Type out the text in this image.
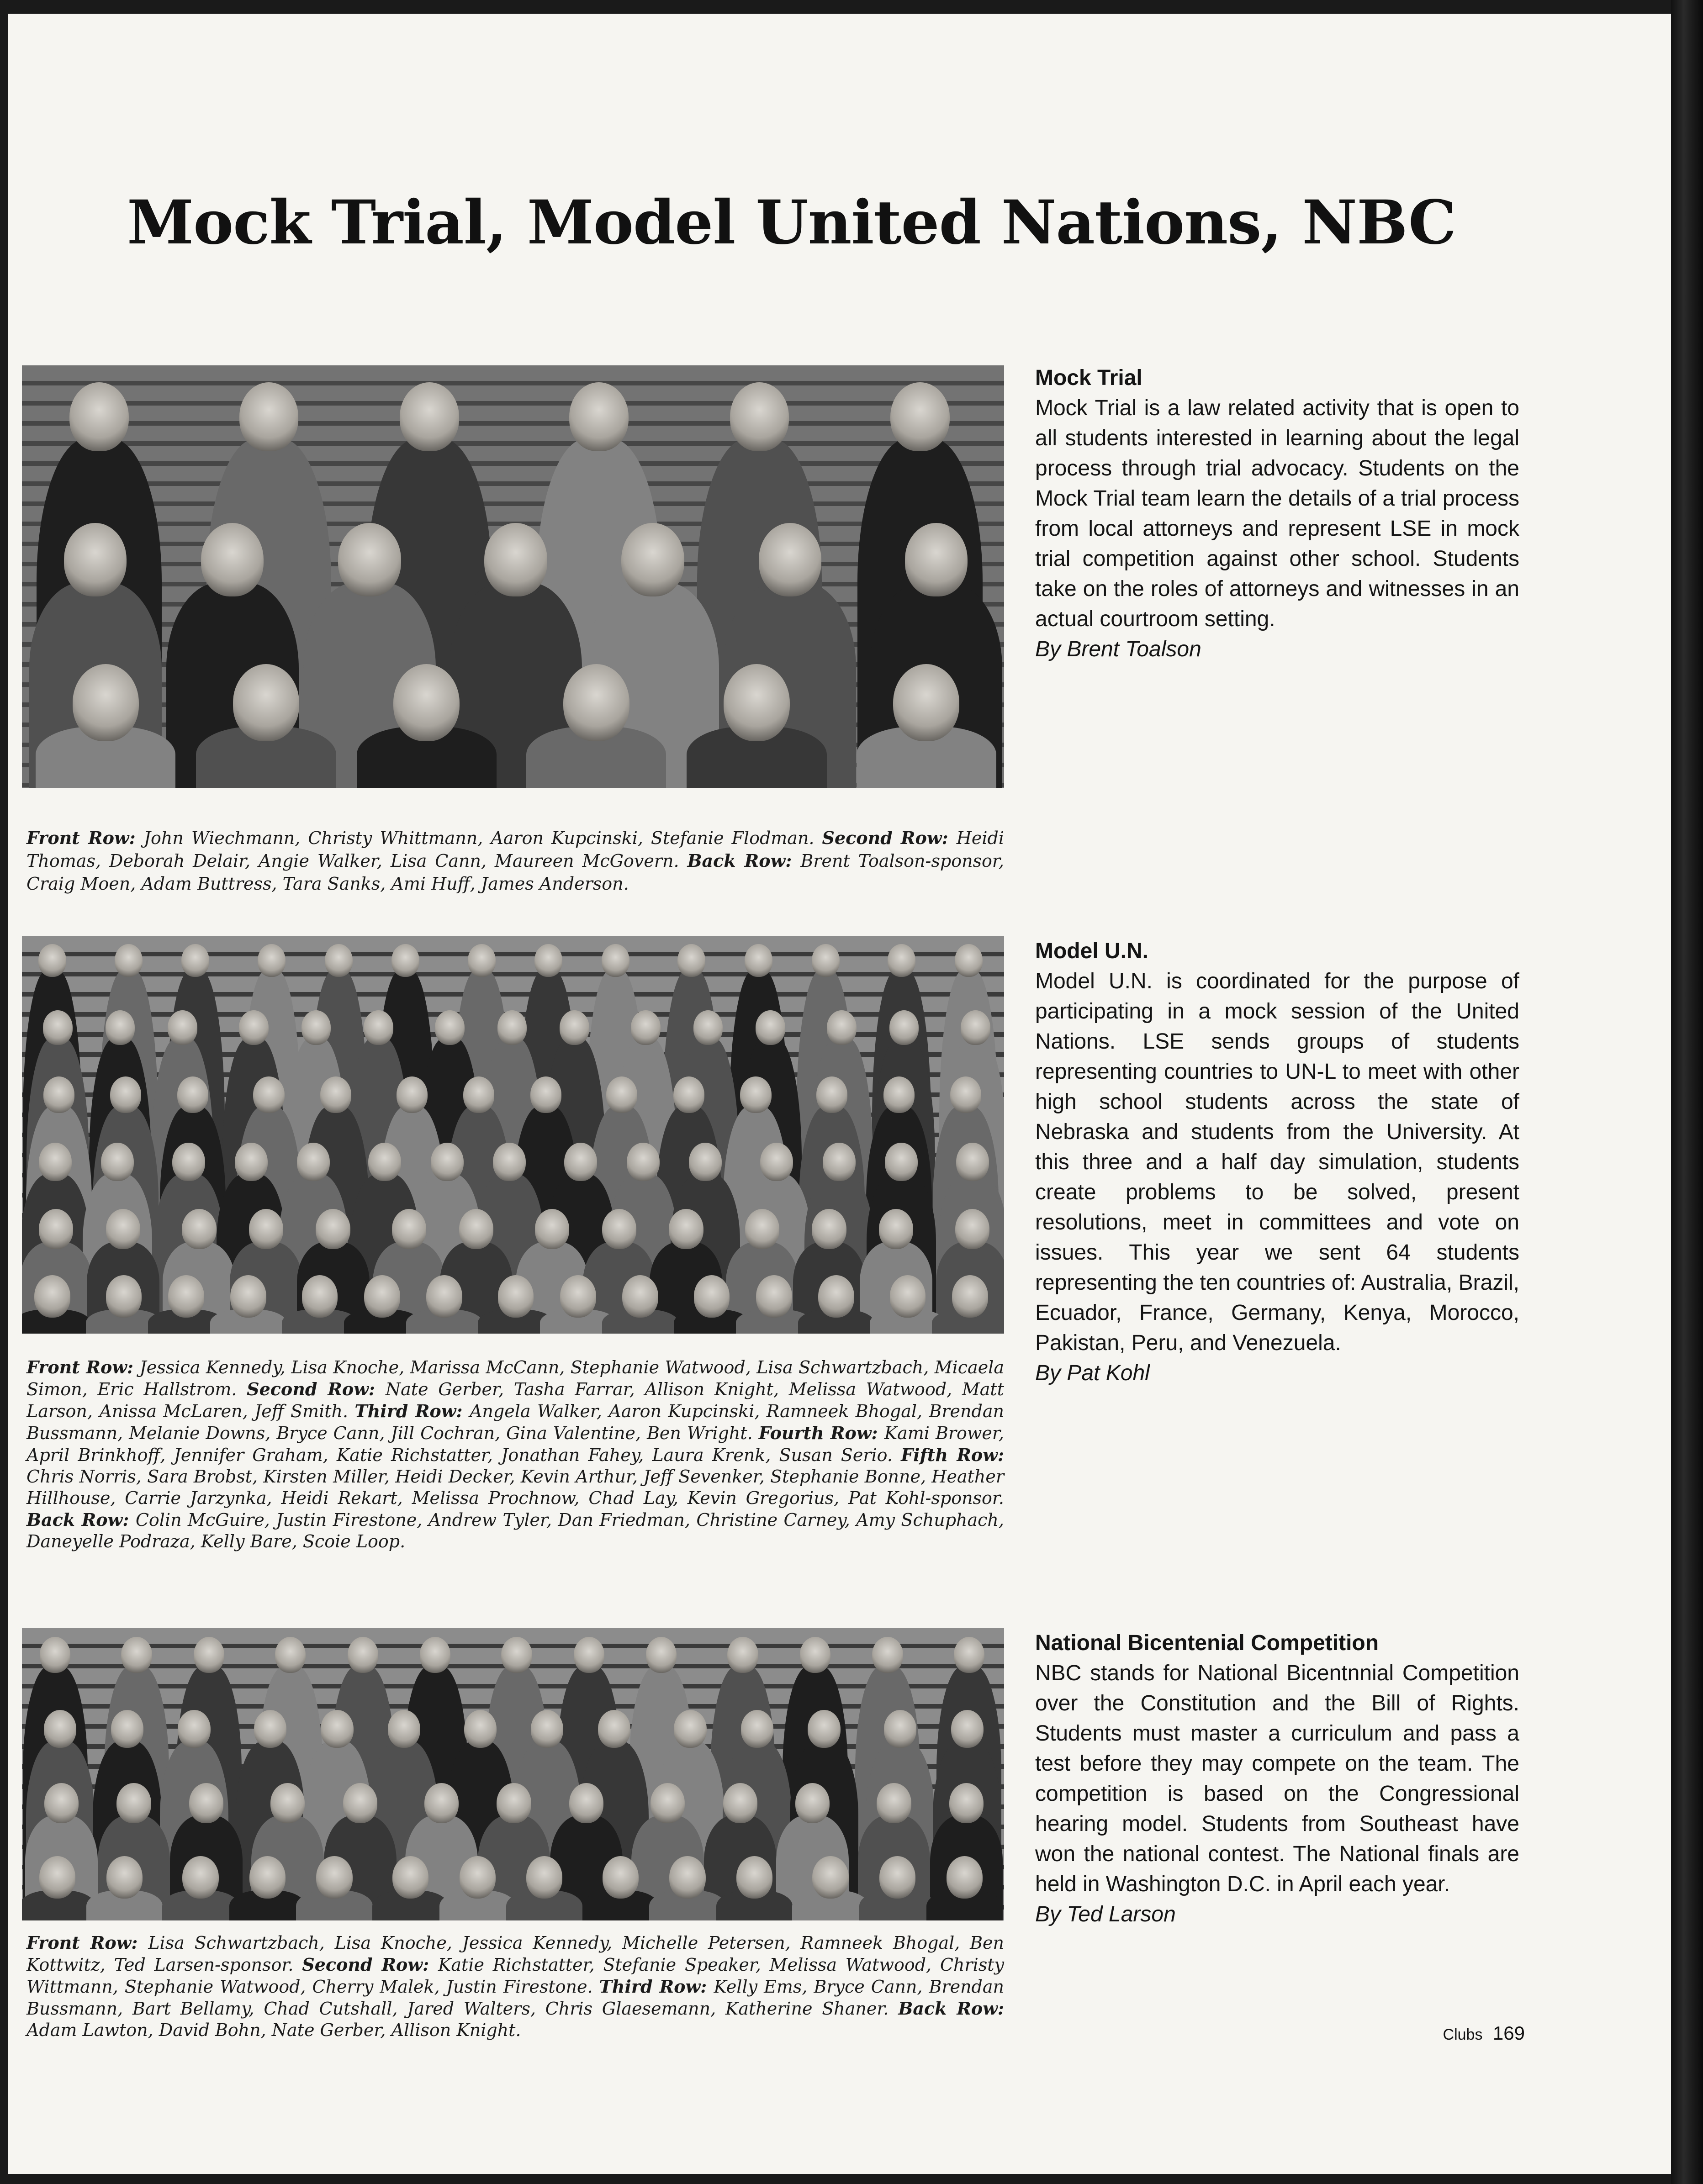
Mock Trial, Model United Nations, NBC

Front Row: John Wiechmann, Christy Whittmann, Aaron Kupcinski, Stefanie Flodman. Second Row: Heidi Thomas, Deborah Delair, Angie Walker, Lisa Cann, Maureen McGovern. Back Row: Brent Toalson-sponsor, Craig Moen, Adam Buttress, Tara Sanks, Ami Huff, James Anderson.

Mock Trial

Mock Trial is a law related activity that is open to all students interested in learning about the legal process through trial advocacy. Students on the Mock Trial team learn the details of a trial process from local attorneys and represent LSE in mock trial competition against other school. Students take on the roles of attorneys and witnesses in an actual courtroom setting.

By Brent Toalson

Front Row: Jessica Kennedy, Lisa Knoche, Marissa McCann, Stephanie Watwood, Lisa Schwartzbach, Micaela Simon, Eric Hallstrom. Second Row: Nate Gerber, Tasha Farrar, Allison Knight, Melissa Watwood, Matt Larson, Anissa McLaren, Jeff Smith. Third Row: Angela Walker, Aaron Kupcinski, Ramneek Bhogal, Brendan Bussmann, Melanie Downs, Bryce Cann, Jill Cochran, Gina Valentine, Ben Wright. Fourth Row: Kami Brower, April Brinkhoff, Jennifer Graham, Katie Richstatter, Jonathan Fahey, Laura Krenk, Susan Serio. Fifth Row: Chris Norris, Sara Brobst, Kirsten Miller, Heidi Decker, Kevin Arthur, Jeff Sevenker, Stephanie Bonne, Heather Hillhouse, Carrie Jarzynka, Heidi Rekart, Melissa Prochnow, Chad Lay, Kevin Gregorius, Pat Kohl-sponsor. Back Row: Colin McGuire, Justin Firestone, Andrew Tyler, Dan Friedman, Christine Carney, Amy Schuphach, Daneyelle Podraza, Kelly Bare, Scoie Loop.

Model U.N.

Model U.N. is coordinated for the purpose of participating in a mock session of the United Nations. LSE sends groups of students representing countries to UN-L to meet with other high school students across the state of Nebraska and students from the University. At this three and a half day simulation, students create problems to be solved, present resolutions, meet in committees and vote on issues. This year we sent 64 students representing the ten countries of: Australia, Brazil, Ecuador, France, Germany, Kenya, Morocco, Pakistan, Peru, and Venezuela.

By Pat Kohl

Front Row: Lisa Schwartzbach, Lisa Knoche, Jessica Kennedy, Michelle Petersen, Ramneek Bhogal, Ben Kottwitz, Ted Larsen-sponsor. Second Row: Katie Richstatter, Stefanie Speaker, Melissa Watwood, Christy Wittmann, Stephanie Watwood, Cherry Malek, Justin Firestone. Third Row: Kelly Ems, Bryce Cann, Brendan Bussmann, Bart Bellamy, Chad Cutshall, Jared Walters, Chris Glaesemann, Katherine Shaner. Back Row: Adam Lawton, David Bohn, Nate Gerber, Allison Knight.

National Bicentenial Competition

NBC stands for National Bicentnnial Competition over the Constitution and the Bill of Rights. Students must master a curriculum and pass a test before they may compete on the team. The competition is based on the Congressional hearing model. Students from Southeast have won the national contest. The National finals are held in Washington D.C. in April each year.

By Ted Larson
Clubs 169
